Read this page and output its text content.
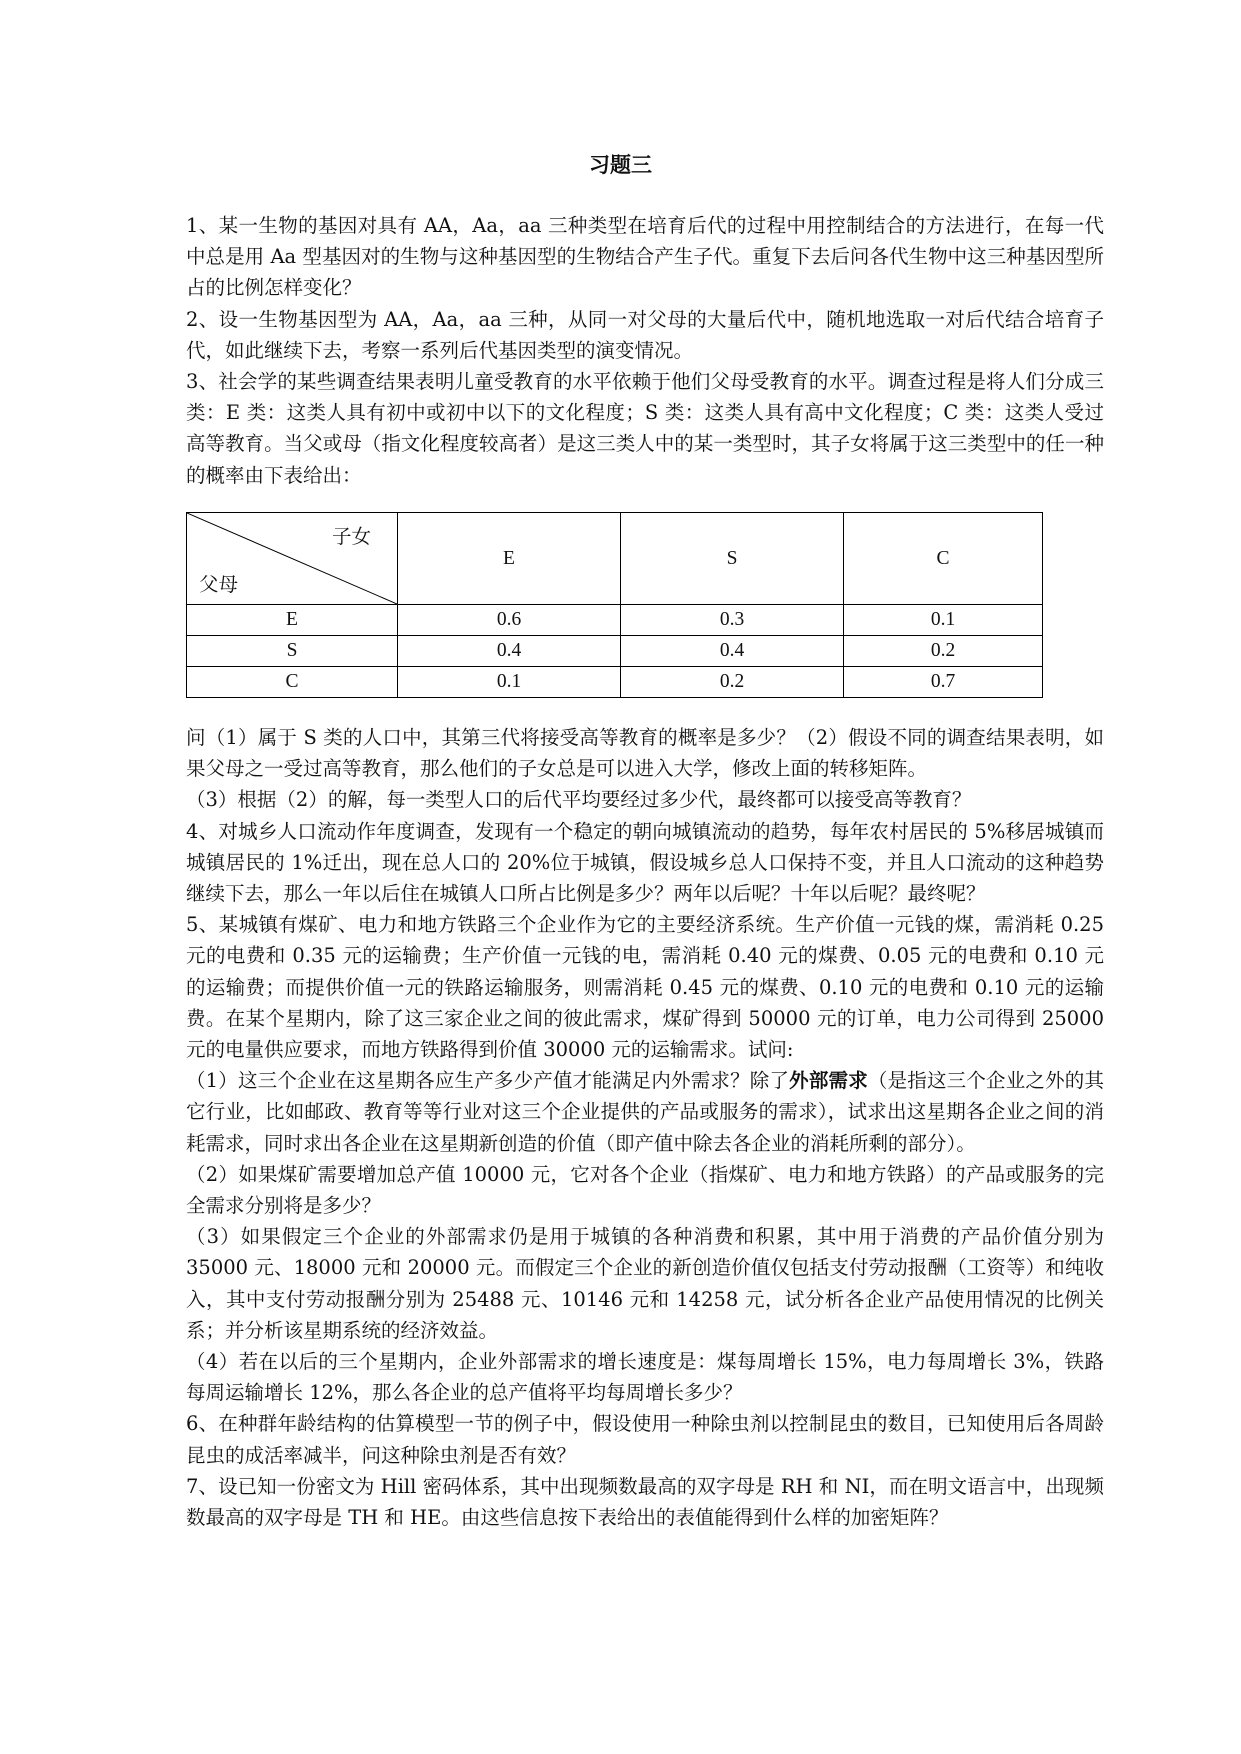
习题三

1、某一生物的基因对具有 AA，Aa，aa 三种类型在培育后代的过程中用控制结合的方法进行，在每一代中总是用 Aa 型基因对的生物与这种基因型的生物结合产生子代。重复下去后问各代生物中这三种基因型所占的比例怎样变化？

2、设一生物基因型为 AA，Aa，aa 三种，从同一对父母的大量后代中，随机地选取一对后代结合培育子代，如此继续下去，考察一系列后代基因类型的演变情况。

3、社会学的某些调查结果表明儿童受教育的水平依赖于他们父母受教育的水平。调查过程是将人们分成三类：E 类：这类人具有初中或初中以下的文化程度；S 类：这类人具有高中文化程度；C 类：这类人受过高等教育。当父或母（指文化程度较高者）是这三类人中的某一类型时，其子女将属于这三类型中的任一种的概率由下表给出：

子女
父母	E	S	C
E	0.6	0.3	0.1
S	0.4	0.4	0.2
C	0.1	0.2	0.7

问（1）属于 S 类的人口中，其第三代将接受高等教育的概率是多少？（2）假设不同的调查结果表明，如果父母之一受过高等教育，那么他们的子女总是可以进入大学，修改上面的转移矩阵。

（3）根据（2）的解，每一类型人口的后代平均要经过多少代，最终都可以接受高等教育？

4、对城乡人口流动作年度调查，发现有一个稳定的朝向城镇流动的趋势，每年农村居民的 5%移居城镇而城镇居民的 1%迁出，现在总人口的 20%位于城镇，假设城乡总人口保持不变，并且人口流动的这种趋势继续下去，那么一年以后住在城镇人口所占比例是多少？两年以后呢？十年以后呢？最终呢？

5、某城镇有煤矿、电力和地方铁路三个企业作为它的主要经济系统。生产价值一元钱的煤，需消耗 0.25 元的电费和 0.35 元的运输费；生产价值一元钱的电，需消耗 0.40 元的煤费、0.05 元的电费和 0.10 元的运输费；而提供价值一元的铁路运输服务，则需消耗 0.45 元的煤费、0.10 元的电费和 0.10 元的运输费。在某个星期内，除了这三家企业之间的彼此需求，煤矿得到 50000 元的订单，电力公司得到 25000 元的电量供应要求，而地方铁路得到价值 30000 元的运输需求。试问:

（1）这三个企业在这星期各应生产多少产值才能满足内外需求？除了外部需求（是指这三个企业之外的其它行业，比如邮政、教育等等行业对这三个企业提供的产品或服务的需求），试求出这星期各企业之间的消耗需求，同时求出各企业在这星期新创造的价值（即产值中除去各企业的消耗所剩的部分）。

（2）如果煤矿需要增加总产值 10000 元，它对各个企业（指煤矿、电力和地方铁路）的产品或服务的完全需求分别将是多少？

（3）如果假定三个企业的外部需求仍是用于城镇的各种消费和积累，其中用于消费的产品价值分别为 35000 元、18000 元和 20000 元。而假定三个企业的新创造价值仅包括支付劳动报酬（工资等）和纯收入，其中支付劳动报酬分别为 25488 元、10146 元和 14258 元，试分析各企业产品使用情况的比例关系；并分析该星期系统的经济效益。

（4）若在以后的三个星期内，企业外部需求的增长速度是：煤每周增长 15%，电力每周增长 3%，铁路每周运输增长 12%，那么各企业的总产值将平均每周增长多少？

6、在种群年龄结构的估算模型一节的例子中，假设使用一种除虫剂以控制昆虫的数目，已知使用后各周龄昆虫的成活率减半，问这种除虫剂是否有效？

7、设已知一份密文为 Hill 密码体系，其中出现频数最高的双字母是 RH 和 NI，而在明文语言中，出现频数最高的双字母是 TH 和 HE。由这些信息按下表给出的表值能得到什么样的加密矩阵？
